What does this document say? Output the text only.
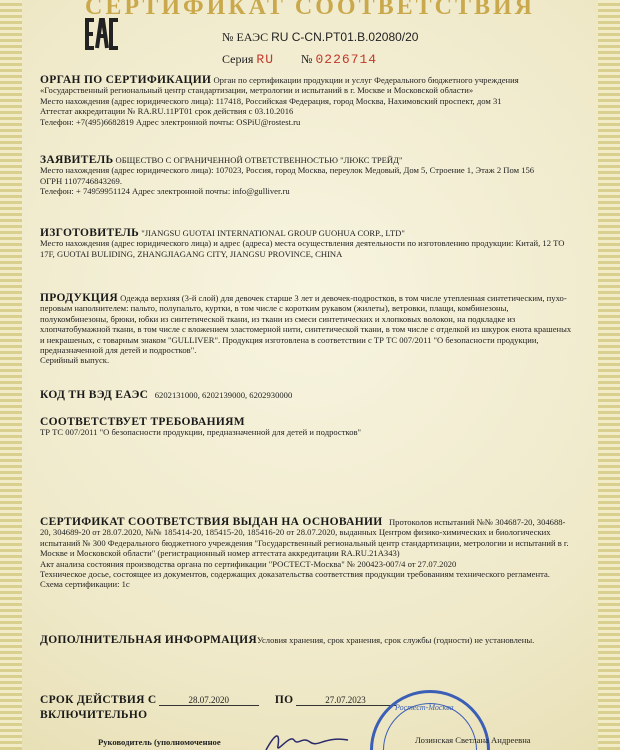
СЕРТИФИКАТ СООТВЕТСТВИЯ
№ ЕАЭС RU C-CN.PT01.B.02080/20
Серия RU № 0226714

ОРГАН ПО СЕРТИФИКАЦИИ Орган по сертификации продукции и услуг Федерального бюджетного учреждения «Государственный региональный центр стандартизации, метрологии и испытаний в г. Москве и Московской области»

Место нахождения (адрес юридического лица): 117418, Российская Федерация, город Москва, Нахимовский проспект, дом 31

Аттестат аккредитации № RA.RU.11PT01 срок действия с 03.10.2016

Телефон: +7(495)6682819 Адрес электронной почты: OSPiU@rostest.ru

ЗАЯВИТЕЛЬ ОБЩЕСТВО С ОГРАНИЧЕННОЙ ОТВЕТСТВЕННОСТЬЮ "ЛЮКС ТРЕЙД"

Место нахождения (адрес юридического лица): 107023, Россия, город Москва, переулок Медовый, Дом 5, Строение 1, Этаж 2 Пом 156

ОГРН 1107746843269.

Телефон: + 74959951124 Адрес электронной почты: info@gulliver.ru

ИЗГОТОВИТЕЛЬ "JIANGSU GUOTAI INTERNATIONAL GROUP GUOHUA CORP., LTD"

Место нахождения (адрес юридического лица) и адрес (адреса) места осуществления деятельности по изготовлению продукции: Китай, 12 TO 17F, GUOTAI BULIDING, ZHANGJIAGANG CITY, JIANGSU PROVINCE, CHINA

ПРОДУКЦИЯ Одежда верхняя (3-й слой) для девочек старше 3 лет и девочек-подростков, в том числе утепленная синтетическим, пухо-перовым наполнителем: пальто, полупальто, куртки, в том числе с коротким рукавом (жилеты), ветровки, плащи, комбинезоны, полукомбинезоны, брюки, юбки из синтетической ткани, из ткани из смеси синтетических и хлопковых волокон, на подкладке из хлопчатобумажной ткани, в том числе с вложением эластомерной нити, синтетической ткани, в том числе с отделкой из шкурок енота крашеных и некрашеных, с товарным знаком "GULLIVER". Продукция изготовлена в соответствии с ТР ТС 007/2011 "О безопасности продукции, предназначенной для детей и подростков".

Серийный выпуск.

КОД ТН ВЭД ЕАЭС 6202131000, 6202139000, 6202930000

СООТВЕТСТВУЕТ ТРЕБОВАНИЯМ

ТР ТС 007/2011 "О безопасности продукции, предназначенной для детей и подростков"

СЕРТИФИКАТ СООТВЕТСТВИЯ ВЫДАН НА ОСНОВАНИИ Протоколов испытаний №№ 304687-20, 304688-20, 304689-20 от 28.07.2020, №№ 185414-20, 185415-20, 185416-20 от 28.07.2020, выданных Центром физико-химических и биологических испытаний № 300 Федерального бюджетного учреждения "Государственный региональный центр стандартизации, метрологии и испытаний в г. Москве и Московской области" (регистрационный номер аттестата аккредитации RA.RU.21AЗ43)

Акт анализа состояния производства органа по сертификации "РОСТЕСТ-Москва" № 200423-007/4 от 27.07.2020

Техническое досье, состоящее из документов, содержащих доказательства соответствия продукции требованиям технического регламента.

Схема сертификации: 1с

ДОПОЛНИТЕЛЬНАЯ ИНФОРМАЦИЯУсловия хранения, срок хранения, срок службы (годности) не установлены.

СРОК ДЕЙСТВИЯ С	28.07.2020	ПО	27.07.2023

ВКЛЮЧИТЕЛЬНО

Руководитель (уполномоченное
Ростест-Москва
Лозинская Светлана Андреевна
